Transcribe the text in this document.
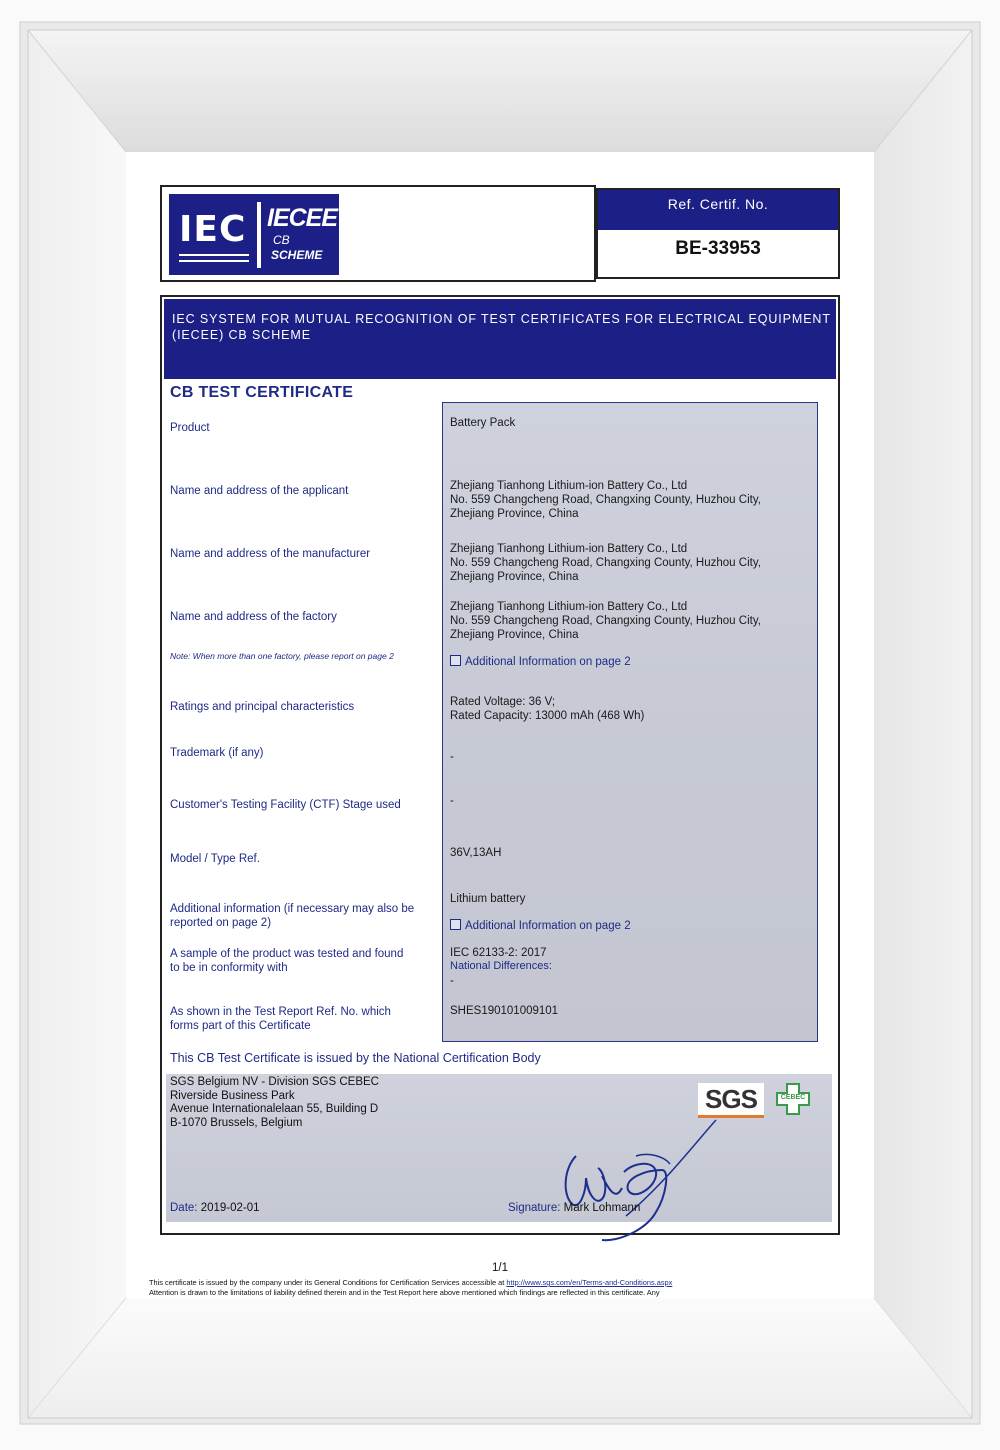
IEC IECEE
CB
SCHEME
Ref. Certif. No.
BE-33953
IEC SYSTEM FOR MUTUAL RECOGNITION OF TEST CERTIFICATES FOR ELECTRICAL EQUIPMENT
(IECEE) CB SCHEME
CB TEST CERTIFICATE
Product
Name and address of the applicant
Name and address of the manufacturer
Name and address of the factory
Note: When more than one factory, please report on page 2
Ratings and principal characteristics
Trademark (if any)
Customer's Testing Facility (CTF) Stage used
Model / Type Ref.
Additional information (if necessary may also be
reported on page 2)
A sample of the product was tested and found
to be in conformity with
As shown in the Test Report Ref. No. which
forms part of this Certificate
Battery Pack
Zhejiang Tianhong Lithium-ion Battery Co., Ltd
No. 559 Changcheng Road, Changxing County, Huzhou City,
Zhejiang Province, China
Zhejiang Tianhong Lithium-ion Battery Co., Ltd
No. 559 Changcheng Road, Changxing County, Huzhou City,
Zhejiang Province, China
Zhejiang Tianhong Lithium-ion Battery Co., Ltd
No. 559 Changcheng Road, Changxing County, Huzhou City,
Zhejiang Province, China
Additional Information on page 2
Rated Voltage: 36 V;
Rated Capacity: 13000 mAh (468 Wh)
-
-
36V,13AH
Lithium battery
Additional Information on page 2
IEC 62133-2: 2017
National Differences:
-
SHES190101009101
This CB Test Certificate is issued by the National Certification Body
SGS Belgium NV - Division SGS CEBEC
Riverside Business Park
Avenue Internationalelaan 55, Building D
B-1070 Brussels, Belgium
SGS	CEBEC
Date: 2019-02-01	Signature: Mark Lohmann
1/1
This certificate is issued by the company under its General Conditions for Certification Services accessible at http://www.sgs.com/en/Terms-and-Conditions.aspx
Attention is drawn to the limitations of liability defined therein and in the Test Report here above mentioned which findings are reflected in this certificate. Any
